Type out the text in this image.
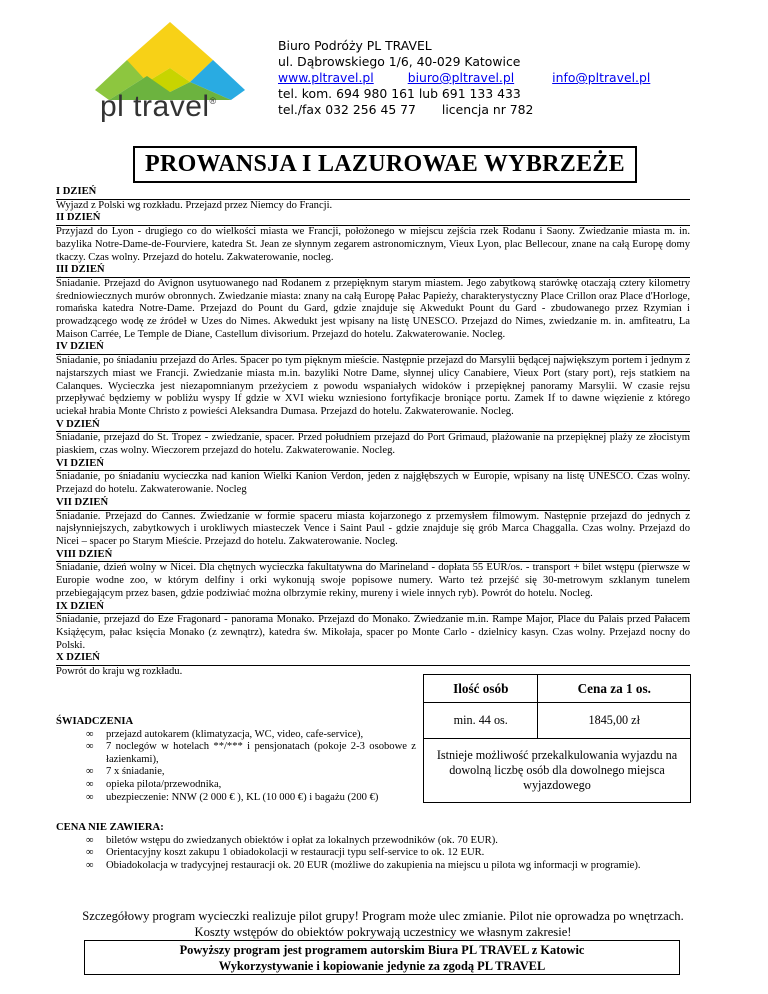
pl travel®
Biuro Podróży PL TRAVEL
ul. Dąbrowskiego 1/6, 40-029 Katowice
www.pltravel.pl	biuro@pltravel.pl	info@pltravel.pl
tel. kom. 694 980 161 lub 691 133 433
tel./fax 032 256 45 77 licencja nr 782
PROWANSJA I LAZUROWAE WYBRZEŻE
I DZIEŃ
Wyjazd z Polski wg rozkładu. Przejazd przez Niemcy do Francji.
II DZIEŃ
Przyjazd do Lyon - drugiego co do wielkości miasta we Francji, położonego w miejscu zejścia rzek Rodanu i Saony. Zwiedzanie miasta m. in. bazylika Notre-Dame-de-Fourviere, katedra St. Jean ze słynnym zegarem astronomicznym, Vieux Lyon, plac Bellecour, znane na całą Europę domy tkaczy. Czas wolny. Przejazd do hotelu. Zakwaterowanie, nocleg.
III DZIEŃ
Śniadanie. Przejazd do Avignon usytuowanego nad Rodanem z przepięknym starym miastem. Jego zabytkową starówkę otaczają cztery kilometry średniowiecznych murów obronnych. Zwiedzanie miasta: znany na całą Europę Pałac Papieży, charakterystyczny Place Crillon oraz Place d'Horloge, romańska katedra Notre-Dame. Przejazd do Pount du Gard, gdzie znajduje się Akwedukt Pount du Gard - zbudowanego przez Rzymian i prowadzącego wodę ze źródeł w Uzes do Nimes. Akwedukt jest wpisany na listę UNESCO. Przejazd do Nimes, zwiedzanie m. in. amfiteatru, La Maison Carrée, Le Temple de Diane, Castellum divisorium. Przejazd do hotelu. Zakwaterowanie. Nocleg.
IV DZIEŃ
Śniadanie, po śniadaniu przejazd do Arles. Spacer po tym pięknym mieście. Następnie przejazd do Marsylii będącej największym portem i jednym z najstarszych miast we Francji. Zwiedzanie miasta m.in. bazyliki Notre Dame, słynnej ulicy Canabiere, Vieux Port (stary port), rejs statkiem na Calanques. Wycieczka jest niezapomnianym przeżyciem z powodu wspaniałych widoków i przepięknej panoramy Marsylii. W czasie rejsu przepływać będziemy w pobliżu wyspy If gdzie w XVI wieku wzniesiono fortyfikacje broniące portu. Zamek If to dawne więzienie z którego uciekał hrabia Monte Christo z powieści Aleksandra Dumasa. Przejazd do hotelu. Zakwaterowanie. Nocleg.
V DZIEŃ
Śniadanie, przejazd do St. Tropez - zwiedzanie, spacer. Przed południem przejazd do Port Grimaud, plażowanie na przepięknej plaży ze złocistym piaskiem, czas wolny. Wieczorem przejazd do hotelu. Zakwaterowanie. Nocleg.
VI DZIEŃ
Śniadanie, po śniadaniu wycieczka nad kanion Wielki Kanion Verdon, jeden z najgłębszych w Europie, wpisany na listę UNESCO. Czas wolny. Przejazd do hotelu. Zakwaterowanie. Nocleg
VII DZIEŃ
Śniadanie. Przejazd do Cannes. Zwiedzanie w formie spaceru miasta kojarzonego z przemysłem filmowym. Następnie przejazd do jednych z najsłynniejszych, zabytkowych i urokliwych miasteczek Vence i Saint Paul - gdzie znajduje się grób Marca Chaggalla. Czas wolny. Przejazd do Nicei – spacer po Starym Mieście. Przejazd do hotelu. Zakwaterowanie. Nocleg.
VIII DZIEŃ
Śniadanie, dzień wolny w Nicei. Dla chętnych wycieczka fakultatywna do Marineland - dopłata 55 EUR/os. - transport + bilet wstępu (pierwsze w Europie wodne zoo, w którym delfiny i orki wykonują swoje popisowe numery. Warto też przejść się 30-metrowym szklanym tunelem przebiegającym przez basen, gdzie podziwiać można olbrzymie rekiny, mureny i wiele innych ryb). Powrót do hotelu. Nocleg.
IX DZIEŃ
Śniadanie, przejazd do Eze Fragonard - panorama Monako. Przejazd do Monako. Zwiedzanie m.in. Rampe Major, Place du Palais przed Pałacem Książęcym, pałac księcia Monako (z zewnątrz), katedra św. Mikołaja, spacer po Monte Carlo - dzielnicy kasyn. Czas wolny. Przejazd nocny do Polski.
X DZIEŃ
Powrót do kraju wg rozkładu.
ŚWIADCZENIA
∞ przejazd autokarem (klimatyzacja, WC, video, cafe-service),
∞ 7 noclegów w hotelach **/*** i pensjonatach (pokoje 2-3 osobowe z łazienkami),
∞ 7 x śniadanie,
∞ opieka pilota/przewodnika,
∞ ubezpieczenie: NNW (2 000 € ), KL (10 000 €) i bagażu (200 €)
Ilość osób	Cena za 1 os.
min. 44 os.	1845,00 zł
Istnieje możliwość przekalkulowania wyjazdu na dowolną liczbę osób dla dowolnego miejsca wyjazdowego	
CENA NIE ZAWIERA:
∞ biletów wstępu do zwiedzanych obiektów i opłat za lokalnych przewodników (ok. 70 EUR).
∞ Orientacyjny koszt zakupu 1 obiadokolacji w restauracji typu self-service to ok. 12 EUR.
∞ Obiadokolacja w tradycyjnej restauracji ok. 20 EUR (możliwe do zakupienia na miejscu u pilota wg informacji w programie).
Szczegółowy program wycieczki realizuje pilot grupy! Program może ulec zmianie. Pilot nie oprowadza po wnętrzach.
Koszty wstępów do obiektów pokrywają uczestnicy we własnym zakresie!
Powyższy program jest programem autorskim Biura PL TRAVEL z Katowic
Wykorzystywanie i kopiowanie jedynie za zgodą PL TRAVEL
